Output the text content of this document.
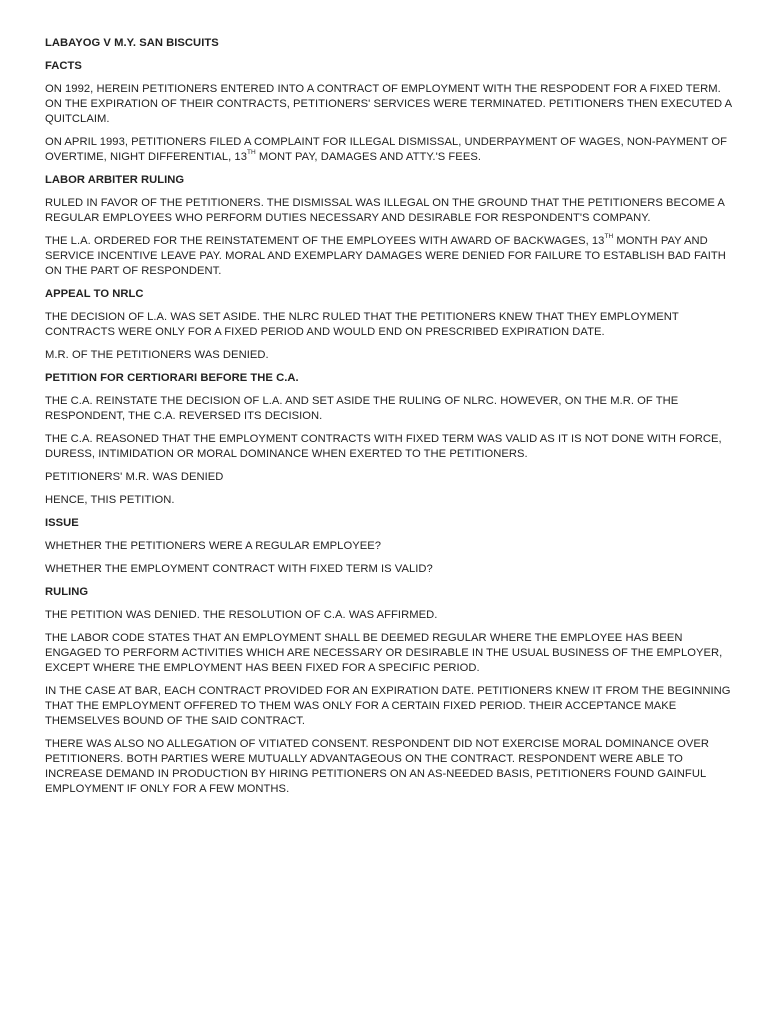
LABAYOG V M.Y. SAN BISCUITS

FACTS

ON 1992, HEREIN PETITIONERS ENTERED INTO A CONTRACT OF EMPLOYMENT WITH THE RESPODENT FOR A FIXED TERM. ON THE EXPIRATION OF THEIR CONTRACTS, PETITIONERS' SERVICES WERE TERMINATED. PETITIONERS THEN EXECUTED A QUITCLAIM.

ON APRIL 1993, PETITIONERS FILED A COMPLAINT FOR ILLEGAL DISMISSAL, UNDERPAYMENT OF WAGES, NON-PAYMENT OF OVERTIME, NIGHT DIFFERENTIAL, 13TH MONT PAY, DAMAGES AND ATTY.'S FEES.

LABOR ARBITER RULING

RULED IN FAVOR OF THE PETITIONERS. THE DISMISSAL WAS ILLEGAL ON THE GROUND THAT THE PETITIONERS BECOME A REGULAR EMPLOYEES WHO PERFORM DUTIES NECESSARY AND DESIRABLE FOR RESPONDENT'S COMPANY.

THE L.A. ORDERED FOR THE REINSTATEMENT OF THE EMPLOYEES WITH AWARD OF BACKWAGES, 13TH MONTH PAY AND SERVICE INCENTIVE LEAVE PAY. MORAL AND EXEMPLARY DAMAGES WERE DENIED FOR FAILURE TO ESTABLISH BAD FAITH ON THE PART OF RESPONDENT.

APPEAL TO NRLC

THE DECISION OF L.A. WAS SET ASIDE. THE NLRC RULED THAT THE PETITIONERS KNEW THAT THEY EMPLOYMENT CONTRACTS WERE ONLY FOR A FIXED PERIOD AND WOULD END ON PRESCRIBED EXPIRATION DATE.

M.R. OF THE PETITIONERS WAS DENIED.

PETITION FOR CERTIORARI BEFORE THE C.A.

THE C.A. REINSTATE THE DECISION OF L.A. AND SET ASIDE THE RULING OF NLRC. HOWEVER, ON THE M.R. OF THE RESPONDENT, THE C.A. REVERSED ITS DECISION.

THE C.A. REASONED THAT THE EMPLOYMENT CONTRACTS WITH FIXED TERM WAS VALID AS IT IS NOT DONE WITH FORCE, DURESS, INTIMIDATION OR MORAL DOMINANCE WHEN EXERTED TO THE PETITIONERS.

PETITIONERS' M.R. WAS DENIED

HENCE, THIS PETITION.

ISSUE

WHETHER THE PETITIONERS WERE A REGULAR EMPLOYEE?

WHETHER THE EMPLOYMENT CONTRACT WITH FIXED TERM IS VALID?

RULING

THE PETITION WAS DENIED. THE RESOLUTION OF C.A. WAS AFFIRMED.

THE LABOR CODE STATES THAT AN EMPLOYMENT SHALL BE DEEMED REGULAR WHERE THE EMPLOYEE HAS BEEN ENGAGED TO PERFORM ACTIVITIES WHICH ARE NECESSARY OR DESIRABLE IN THE USUAL BUSINESS OF THE EMPLOYER, EXCEPT WHERE THE EMPLOYMENT HAS BEEN FIXED FOR A SPECIFIC PERIOD.

IN THE CASE AT BAR, EACH CONTRACT PROVIDED FOR AN EXPIRATION DATE. PETITIONERS KNEW IT FROM THE BEGINNING THAT THE EMPLOYMENT OFFERED TO THEM WAS ONLY FOR A CERTAIN FIXED PERIOD. THEIR ACCEPTANCE MAKE THEMSELVES BOUND OF THE SAID CONTRACT.

THERE WAS ALSO NO ALLEGATION OF VITIATED CONSENT. RESPONDENT DID NOT EXERCISE MORAL DOMINANCE OVER PETITIONERS. BOTH PARTIES WERE MUTUALLY ADVANTAGEOUS ON THE CONTRACT. RESPONDENT WERE ABLE TO INCREASE DEMAND IN PRODUCTION BY HIRING PETITIONERS ON AN AS-NEEDED BASIS, PETITIONERS FOUND GAINFUL EMPLOYMENT IF ONLY FOR A FEW MONTHS.
